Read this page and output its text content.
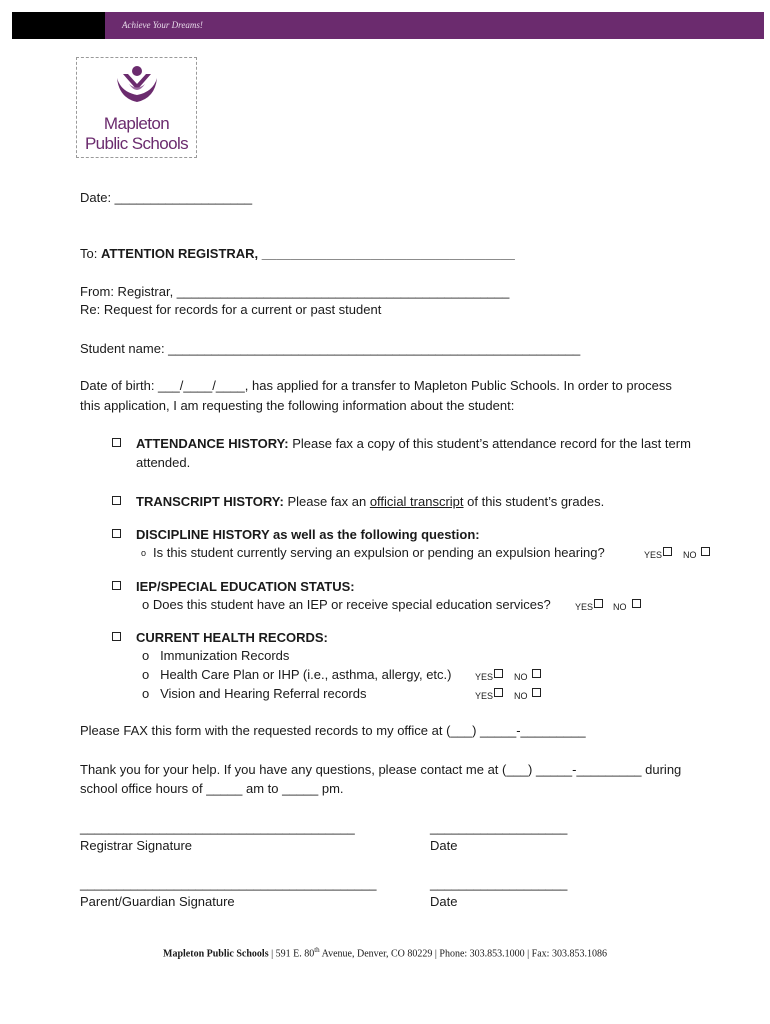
Achieve Your Dreams!
Mapleton
Public Schools
Date: ___________________
To: ATTENTION REGISTRAR, ___________________________________
From: Registrar, ______________________________________________
Re: Request for records for a current or past student
Student name: _________________________________________________________
Date of birth: ___/____/____, has applied for a transfer to Mapleton Public Schools. In order to process
this application, I am requesting the following information about the student:
ATTENDANCE HISTORY: Please fax a copy of this student’s attendance record for the last term
attended.
TRANSCRIPT HISTORY: Please fax an official transcript of this student’s grades.
DISCIPLINE HISTORY as well as the following question:
o Is this student currently serving an expulsion or pending an expulsion hearing?	YES NO
IEP/SPECIAL EDUCATION STATUS:
o Does this student have an IEP or receive special education services?	YES NO
CURRENT HEALTH RECORDS:
o   Immunization Records
o   Health Care Plan or IHP (i.e., asthma, allergy, etc.)	YES NO
o   Vision and Hearing Referral records	YES NO
Please FAX this form with the requested records to my office at (___) _____-_________
Thank you for your help. If you have any questions, please contact me at (___) _____-_________ during
school office hours of _____ am to _____ pm.
______________________________________
Registrar Signature
___________________
Date
_________________________________________
Parent/Guardian Signature
___________________
Date
Mapleton Public Schools | 591 E. 80th Avenue, Denver, CO 80229 | Phone: 303.853.1000 | Fax: 303.853.1086
